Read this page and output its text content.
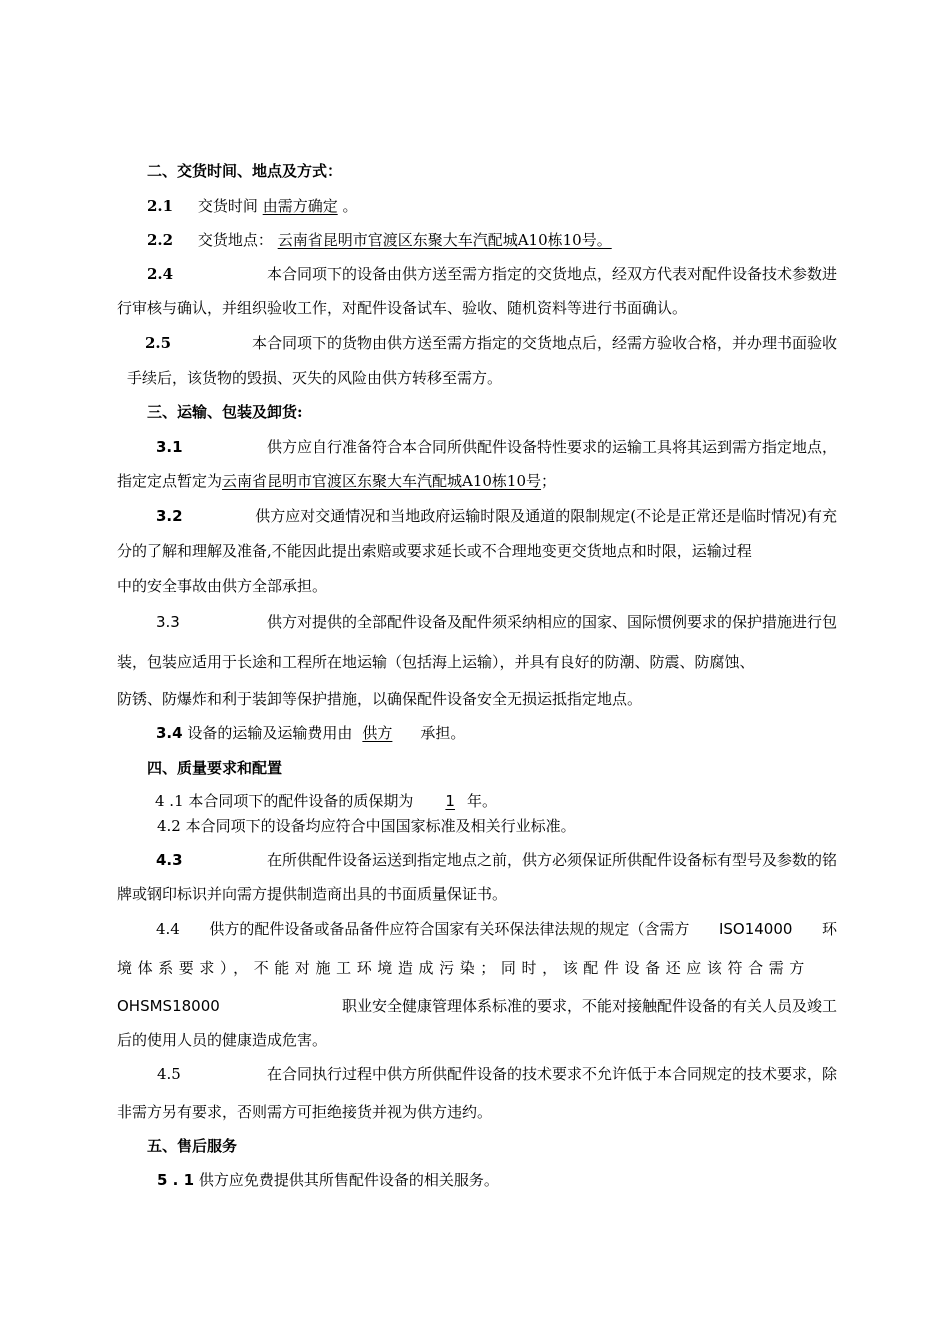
二、交货时间、地点及方式：
2.1 交货时间 由需方确定 。
2.2 交货地点： 云南省昆明市官渡区东聚大车汽配城A10栋10号。
2.4	本合同项下的设备由供方送至需方指定的交货地点，经双方代表对配件设备技术参数进
行审核与确认，并组织验收工作，对配件设备试车、验收、随机资料等进行书面确认。
2.5	本合同项下的货物由供方送至需方指定的交货地点后，经需方验收合格，并办理书面验收
手续后，该货物的毁损、灭失的风险由供方转移至需方。
三、运输、包装及卸货:
3.1	供方应自行准备符合本合同所供配件设备特性要求的运输工具将其运到需方指定地点，
指定定点暂定为云南省昆明市官渡区东聚大车汽配城A10栋10号；
3.2	供方应对交通情况和当地政府运输时限及通道的限制规定(不论是正常还是临时情况)有充
分的了解和理解及准备,不能因此提出索赔或要求延长或不合理地变更交货地点和时限，运输过程
中的安全事故由供方全部承担。
3.3	供方对提供的全部配件设备及配件须采纳相应的国家、国际惯例要求的保护措施进行包
装，包装应适用于长途和工程所在地运输（包括海上运输），并具有良好的防潮、防震、防腐蚀、
防锈、防爆炸和利于装卸等保护措施，以确保配件设备安全无损运抵指定地点。
3.4 设备的运输及运输费用由 供方 承担。
四、质量要求和配置
4 .1 本合同项下的配件设备的质保期为 1 年。
4.2 本合同项下的设备均应符合中国国家标准及相关行业标准。
4.3	在所供配件设备运送到指定地点之前，供方必须保证所供配件设备标有型号及参数的铭
牌或钢印标识并向需方提供制造商出具的书面质量保证书。
4.4 供方的配件设备或备品备件应符合国家有关环保法律法规的规定（含需方 ISO14000 环
境体系要求），不能对施工环境造成污染；同时，该配件设备还应该符合需方
OHSMS18000	职业安全健康管理体系标准的要求，不能对接触配件设备的有关人员及竣工
后的使用人员的健康造成危害。
4.5	在合同执行过程中供方所供配件设备的技术要求不允许低于本合同规定的技术要求，除
非需方另有要求，否则需方可拒绝接货并视为供方违约。
五、售后服务
5 . 1 供方应免费提供其所售配件设备的相关服务。
